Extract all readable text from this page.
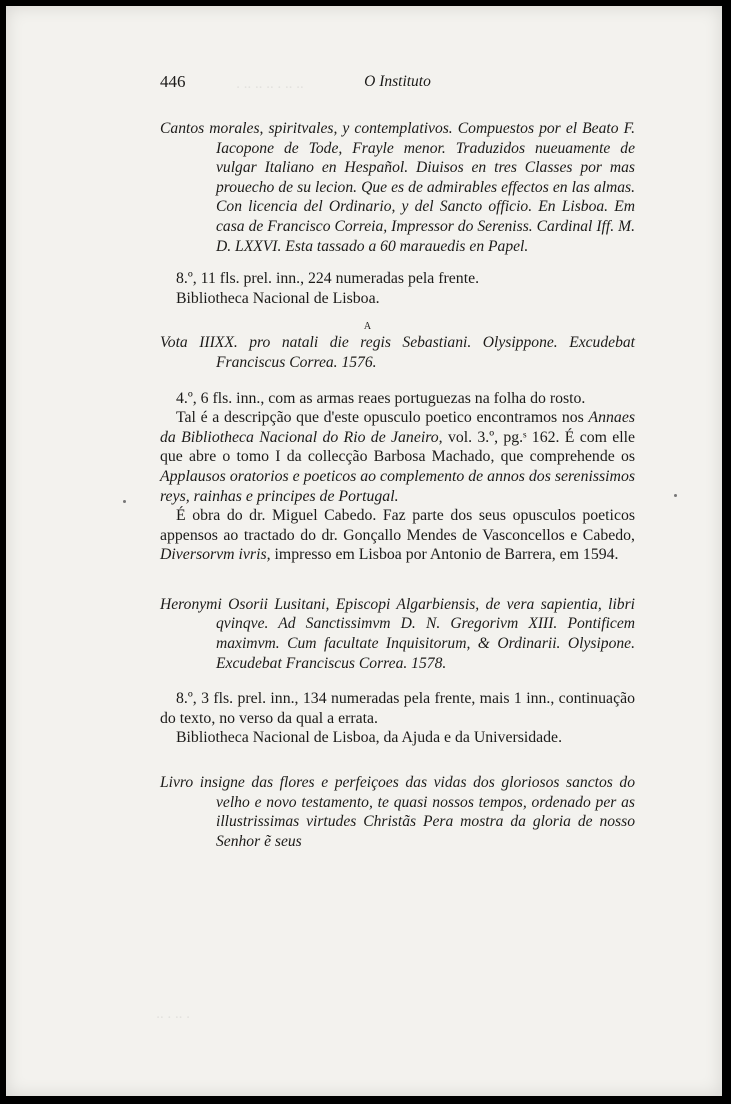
· ·· ·· ·· · ·· ··
·· · ·· ·
446	O Instituto
Cantos morales, spiritvales, y contemplativos. Compuestos por el Beato F. Iacopone de Tode, Frayle menor. Traduzidos nueuamente de vulgar Italiano en Hespañol. Diuisos en tres Classes por mas prouecho de su lecion. Que es de admirables effectos en las almas. Con licencia del Ordinario, y del Sancto officio. En Lisboa. Em casa de Francisco Correia, Impressor do Sereniss. Cardinal Iff. M. D. LXXVI. Esta tassado a 60 marauedis en Papel.
8.º, 11 fls. prel. inn., 224 numeradas pela frente.
Bibliotheca Nacional de Lisboa.
A
Vota IIIXX. pro natali die regis Sebastiani. Olysippone. Excudebat Franciscus Correa. 1576.
4.º, 6 fls. inn., com as armas reaes portuguezas na folha do rosto.
Tal é a descripção que d'este opusculo poetico encontramos nos Annaes da Bibliotheca Nacional do Rio de Janeiro, vol. 3.º, pg.ˢ 162. É com elle que abre o tomo I da collecção Barbosa Machado, que comprehende os Applausos oratorios e poeticos ao complemento de annos dos serenissimos reys, rainhas e principes de Portugal.
É obra do dr. Miguel Cabedo. Faz parte dos seus opusculos poeticos appensos ao tractado do dr. Gonçallo Mendes de Vasconcellos e Cabedo, Diversorvm ivris, impresso em Lisboa por Antonio de Barrera, em 1594.
Heronymi Osorii Lusitani, Episcopi Algarbiensis, de vera sapientia, libri qvinqve. Ad Sanctissimvm D. N. Gregorivm XIII. Pontificem maximvm. Cum facultate Inquisitorum, & Ordinarii. Olysipone. Excudebat Franciscus Correa. 1578.
8.º, 3 fls. prel. inn., 134 numeradas pela frente, mais 1 inn., continuação do texto, no verso da qual a errata.
Bibliotheca Nacional de Lisboa, da Ajuda e da Universidade.
Livro insigne das flores e perfeiçoes das vidas dos gloriosos sanctos do velho e novo testamento, te quasi nossos tempos, ordenado per as illustrissimas virtudes Christãs Pera mostra da gloria de nosso Senhor ẽ seus
